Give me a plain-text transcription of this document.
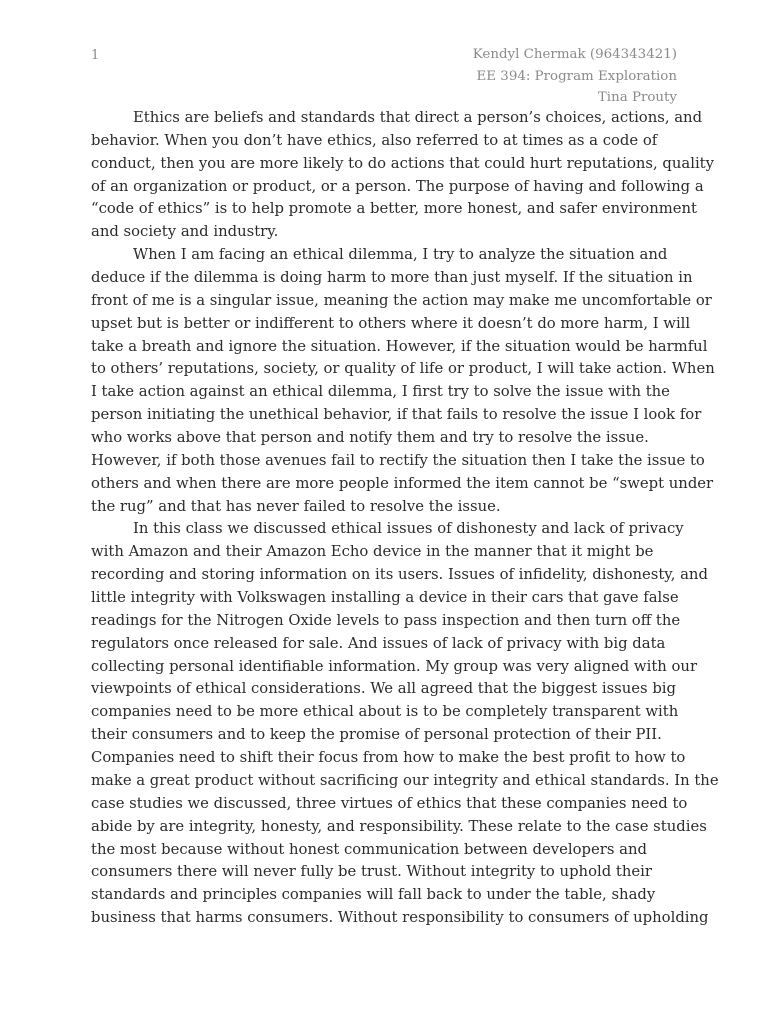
1	Kendyl Chermak (964343421)
EE 394: Program Exploration
Tina Prouty

Ethics are beliefs and standards that direct a person’s choices, actions, and
behavior. When you don’t have ethics, also referred to at times as a code of
conduct, then you are more likely to do actions that could hurt reputations, quality
of an organization or product, or a person. The purpose of having and following a
“code of ethics” is to help promote a better, more honest, and safer environment
and society and industry.

When I am facing an ethical dilemma, I try to analyze the situation and
deduce if the dilemma is doing harm to more than just myself. If the situation in
front of me is a singular issue, meaning the action may make me uncomfortable or
upset but is better or indifferent to others where it doesn’t do more harm, I will
take a breath and ignore the situation. However, if the situation would be harmful
to others’ reputations, society, or quality of life or product, I will take action. When
I take action against an ethical dilemma, I first try to solve the issue with the
person initiating the unethical behavior, if that fails to resolve the issue I look for
who works above that person and notify them and try to resolve the issue.
However, if both those avenues fail to rectify the situation then I take the issue to
others and when there are more people informed the item cannot be “swept under
the rug” and that has never failed to resolve the issue.

In this class we discussed ethical issues of dishonesty and lack of privacy
with Amazon and their Amazon Echo device in the manner that it might be
recording and storing information on its users. Issues of infidelity, dishonesty, and
little integrity with Volkswagen installing a device in their cars that gave false
readings for the Nitrogen Oxide levels to pass inspection and then turn off the
regulators once released for sale. And issues of lack of privacy with big data
collecting personal identifiable information. My group was very aligned with our
viewpoints of ethical considerations. We all agreed that the biggest issues big
companies need to be more ethical about is to be completely transparent with
their consumers and to keep the promise of personal protection of their PII.
Companies need to shift their focus from how to make the best profit to how to
make a great product without sacrificing our integrity and ethical standards. In the
case studies we discussed, three virtues of ethics that these companies need to
abide by are integrity, honesty, and responsibility. These relate to the case studies
the most because without honest communication between developers and
consumers there will never fully be trust. Without integrity to uphold their
standards and principles companies will fall back to under the table, shady
business that harms consumers. Without responsibility to consumers of upholding
